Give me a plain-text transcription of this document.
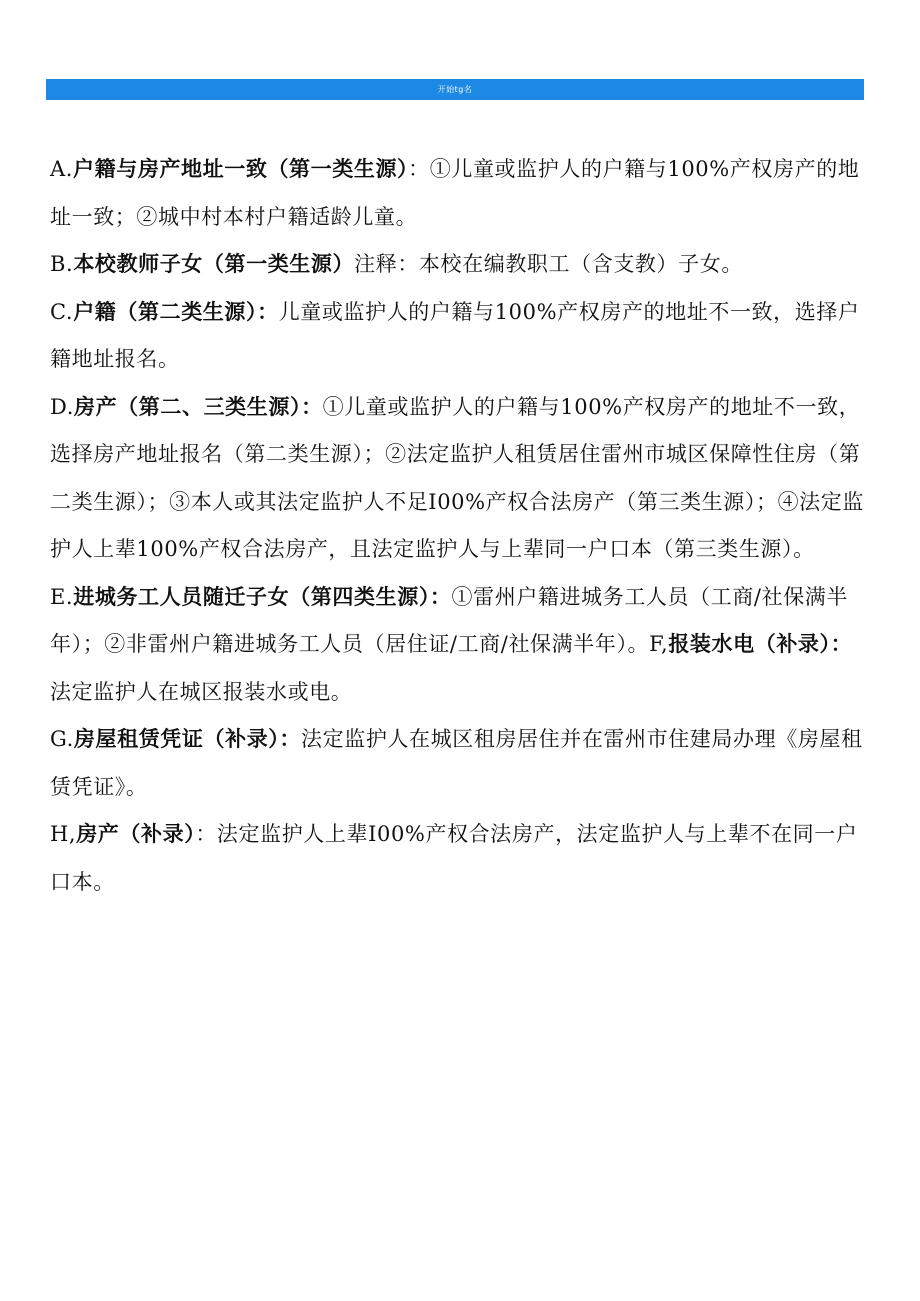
开始tg名

A.户籍与房产地址一致（第一类生源）：①儿童或监护人的户籍与100%产权房产的地址一致；②城中村本村户籍适龄儿童。

B.本校教师子女（第一类生源）注释：本校在编教职工（含支教）子女。

C.户籍（第二类生源）：儿童或监护人的户籍与100%产权房产的地址不一致，选择户籍地址报名。

D.房产（第二、三类生源）：①儿童或监护人的户籍与100%产权房产的地址不一致，选择房产地址报名（第二类生源）；②法定监护人租赁居住雷州市城区保障性住房（第二类生源）；③本人或其法定监护人不足I00%产权合法房产（第三类生源）；④法定监护人上辈100%产权合法房产，且法定监护人与上辈同一户口本（第三类生源）。

E.进城务工人员随迁子女（第四类生源）：①雷州户籍进城务工人员（工商/社保满半年）；②非雷州户籍进城务工人员（居住证/工商/社保满半年）。F,报装水电（补录）：法定监护人在城区报装水或电。

G.房屋租赁凭证（补录）：法定监护人在城区租房居住并在雷州市住建局办理《房屋租赁凭证》。

H,房产（补录）：法定监护人上辈I00%产权合法房产，法定监护人与上辈不在同一户口本。
